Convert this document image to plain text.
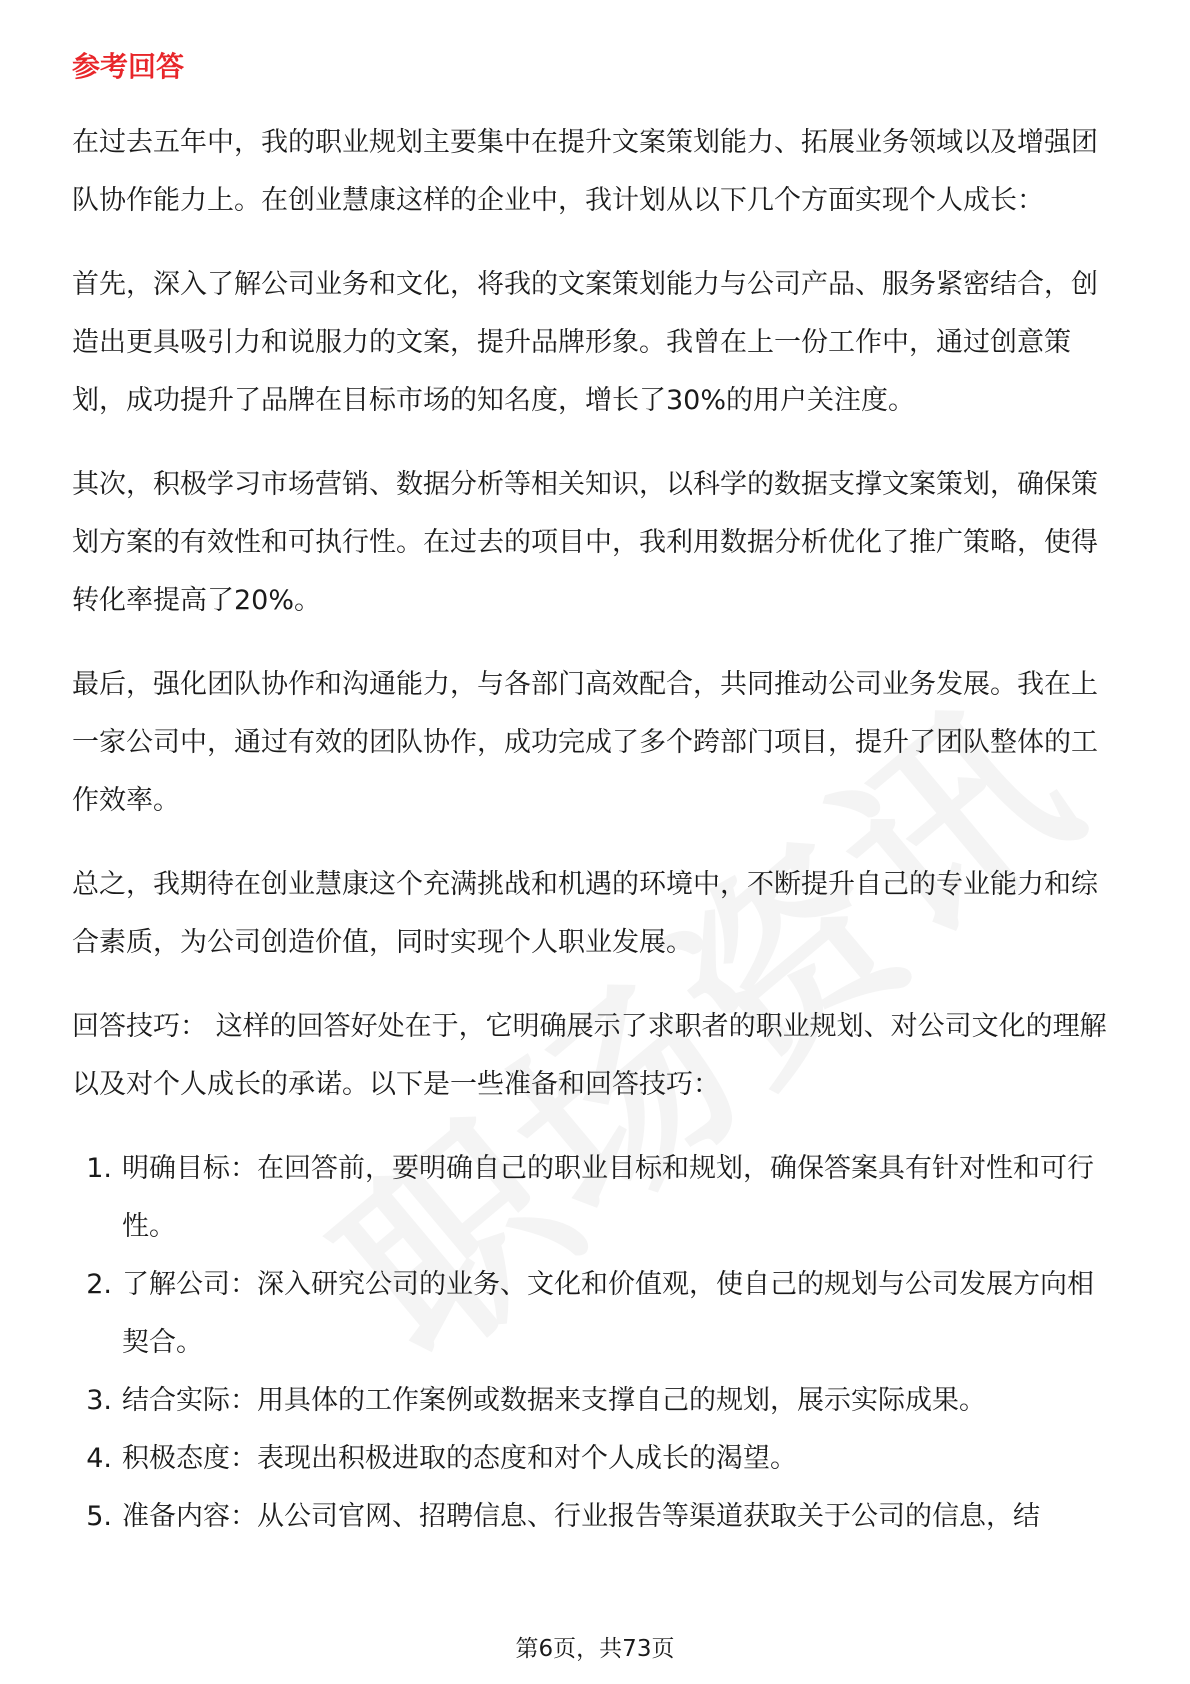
参考回答

在过去五年中，我的职业规划主要集中在提升文案策划能力、拓展业务领域以及增强团队协作能力上。在创业慧康这样的企业中，我计划从以下几个方面实现个人成长：

首先，深入了解公司业务和文化，将我的文案策划能力与公司产品、服务紧密结合，创造出更具吸引力和说服力的文案，提升品牌形象。我曾在上一份工作中，通过创意策划，成功提升了品牌在目标市场的知名度，增长了30%的用户关注度。

其次，积极学习市场营销、数据分析等相关知识，以科学的数据支撑文案策划，确保策划方案的有效性和可执行性。在过去的项目中，我利用数据分析优化了推广策略，使得转化率提高了20%。

最后，强化团队协作和沟通能力，与各部门高效配合，共同推动公司业务发展。我在上一家公司中，通过有效的团队协作，成功完成了多个跨部门项目，提升了团队整体的工作效率。

总之，我期待在创业慧康这个充满挑战和机遇的环境中，不断提升自己的专业能力和综合素质，为公司创造价值，同时实现个人职业发展。

回答技巧： 这样的回答好处在于，它明确展示了求职者的职业规划、对公司文化的理解以及对个人成长的承诺。以下是一些准备和回答技巧：

1. 明确目标：在回答前，要明确自己的职业目标和规划，确保答案具有针对性和可行性。
2. 了解公司：深入研究公司的业务、文化和价值观，使自己的规划与公司发展方向相契合。
3. 结合实际：用具体的工作案例或数据来支撑自己的规划，展示实际成果。
4. 积极态度：表现出积极进取的态度和对个人成长的渴望。
5. 准备内容：从公司官网、招聘信息、行业报告等渠道获取关于公司的信息，结
第6页，共73页
